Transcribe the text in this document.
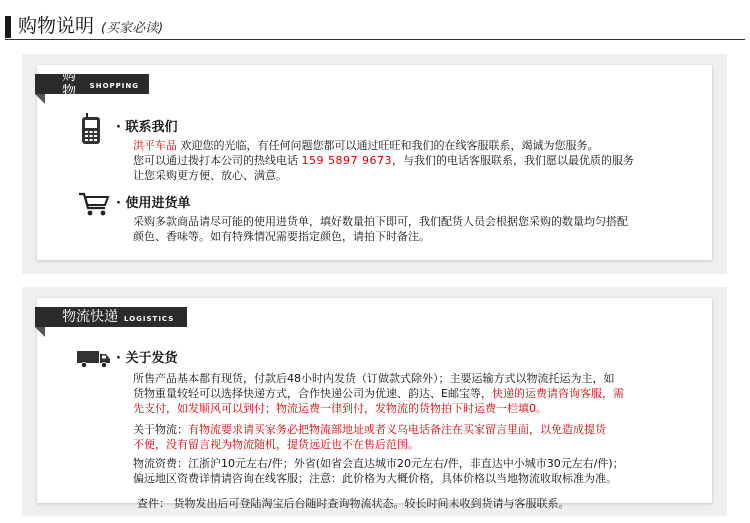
购物说明 (买家必读)
购物	SHOPPING
· 联系我们
洪平车品 欢迎您的光临，有任何问题您都可以通过旺旺和我们的在线客服联系，竭诚为您服务。
您可以通过拨打本公司的热线电话 159 5897 9673，与我们的电话客服联系，我们愿以最优质的服务
让您采购更方便、放心、满意。
· 使用进货单
采购多款商品请尽可能的使用进货单，填好数量拍下即可，我们配货人员会根据您采购的数量均匀搭配
颜色、香味等。如有特殊情况需要指定颜色，请拍下时备注。
物流快递 LOGISTICS
· 关于发货
所售产品基本都有现货，付款后48小时内发货（订做款式除外）；主要运输方式以物流托运为主，如
货物重量较轻可以选择快递方式，合作快递公司为优速、韵达、E邮宝等，快递的运费请咨询客服，需
先支付，如发顺风可以到付；物流运费一律到付，发物流的货物拍下时运费一栏填0。
关于物流：有物流要求请买家务必把物流部地址或者义乌电话备注在买家留言里面，以免造成提货
不便，没有留言视为物流随机，提货远近也不在售后范围。
物流资费：江浙沪10元左右/件；外省(如省会直达城市20元左右/件，非直达中小城市30元左右/件)；
偏远地区资费详情请咨询在线客服；注意：此价格为大概价格，具体价格以当地物流收取标准为准。
查件： 货物发出后可登陆淘宝后台随时查询物流状态。较长时间未收到货请与客服联系。
